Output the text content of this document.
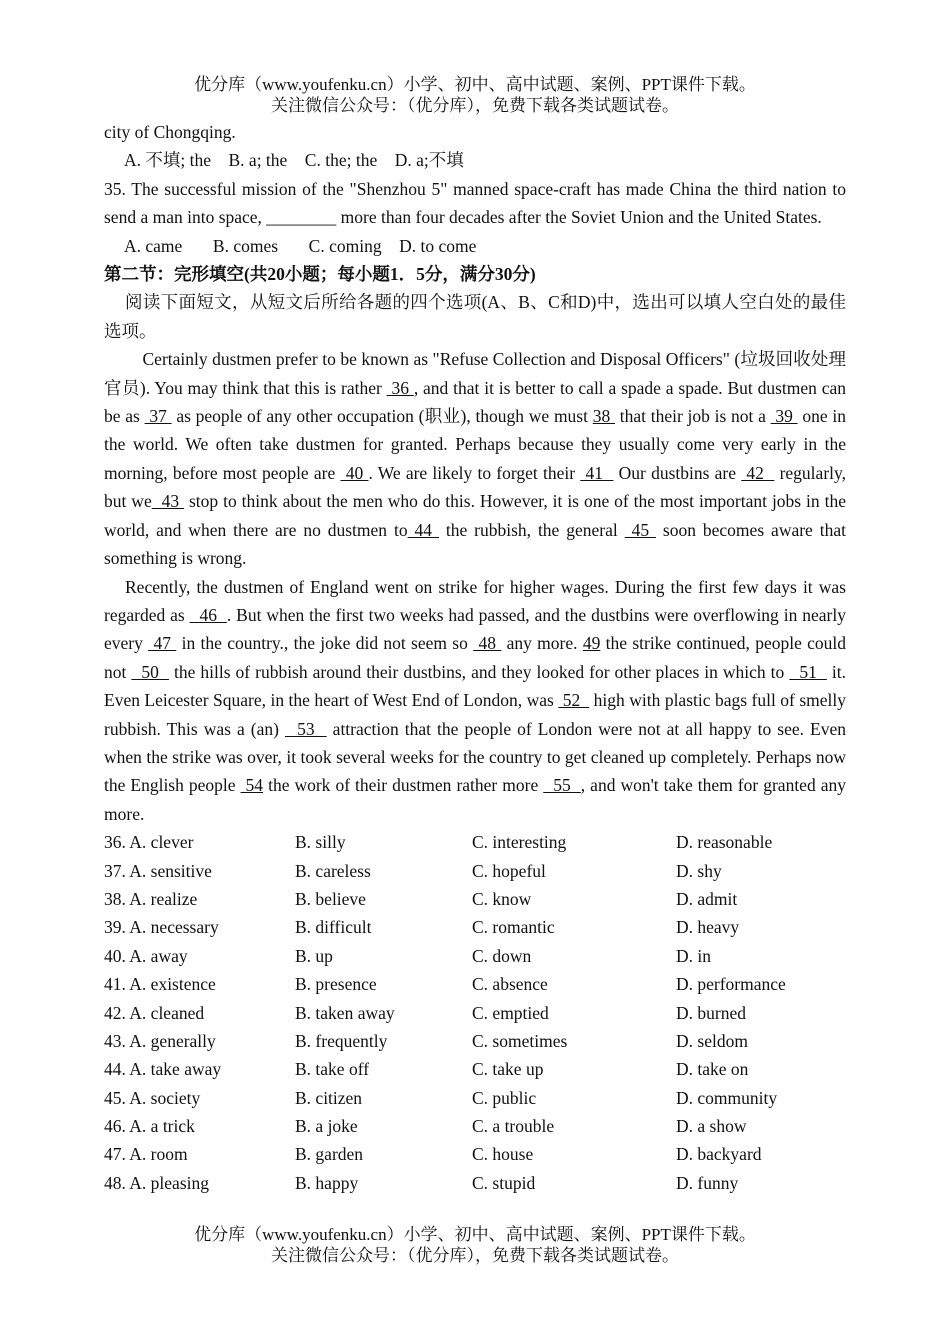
优分库（www.youfenku.cn）小学、初中、高中试题、案例、PPT课件下载。
关注微信公众号：（优分库），免费下载各类试题试卷。

city of Chongqing.

A. 不填; the    B. a; the    C. the; the    D. a;不填

35. The successful mission of the "Shenzhou 5" manned space-craft has made China the third nation to send a man into space, ________ more than four decades after the Soviet Union and the United States.

A. came       B. comes       C. coming    D. to come

第二节：完形填空(共20小题；每小题1．5分，满分30分)

阅读下面短文，从短文后所给各题的四个选项(A、B、C和D)中，选出可以填人空白处的最佳选项。

Certainly dustmen prefer to be known as "Refuse Collection and Disposal Officers" (垃圾回收处理官员). You may think that this is rather  36 , and that it is better to call a spade a spade. But dustmen can be as  37  as people of any other occupation (职业), though we must 38  that their job is not a  39  one in the world. We often take dustmen for granted. Perhaps because they usually come very early in the morning, before most people are  40 . We are likely to forget their  41   Our dustbins are  42   regularly, but we  43  stop to think about the men who do this. However, it is one of the most important jobs in the world, and when there are no dustmen to 44  the rubbish, the general  45  soon becomes aware that something is wrong.

Recently, the dustmen of England went on strike for higher wages. During the first few days it was regarded as   46  . But when the first two weeks had passed, and the dustbins were overflowing in nearly every  47  in the country., the joke did not seem so  48  any more. 49 the strike continued, people could not   50   the hills of rubbish around their dustbins, and they looked for other places in which to   51   it. Even Leicester Square, in the heart of West End of London, was  52   high with plastic bags full of smelly rubbish. This was a (an)   53   attraction that the people of London were not at all happy to see. Even when the strike was over, it took several weeks for the country to get cleaned up completely. Perhaps now the English people  54 the work of their dustmen rather more   55  , and won't take them for granted any more.

36. A. clever	B. silly	C. interesting	D. reasonable
37. A. sensitive	B. careless	C. hopeful	D. shy
38. A. realize	B. believe	C. know	D. admit
39. A. necessary	B. difficult	C. romantic	D. heavy
40. A. away	B. up	C. down	D. in
41. A. existence	B. presence	C. absence	D. performance
42. A. cleaned	B. taken away	C. emptied	D. burned
43. A. generally	B. frequently	C. sometimes	D. seldom
44. A. take away	B. take off	C. take up	D. take on
45. A. society	B. citizen	C. public	D. community
46. A. a trick	B. a joke	C. a trouble	D. a show
47. A. room	B. garden	C. house	D. backyard
48. A. pleasing	B. happy	C. stupid	D. funny
优分库（www.youfenku.cn）小学、初中、高中试题、案例、PPT课件下载。
关注微信公众号：（优分库），免费下载各类试题试卷。
